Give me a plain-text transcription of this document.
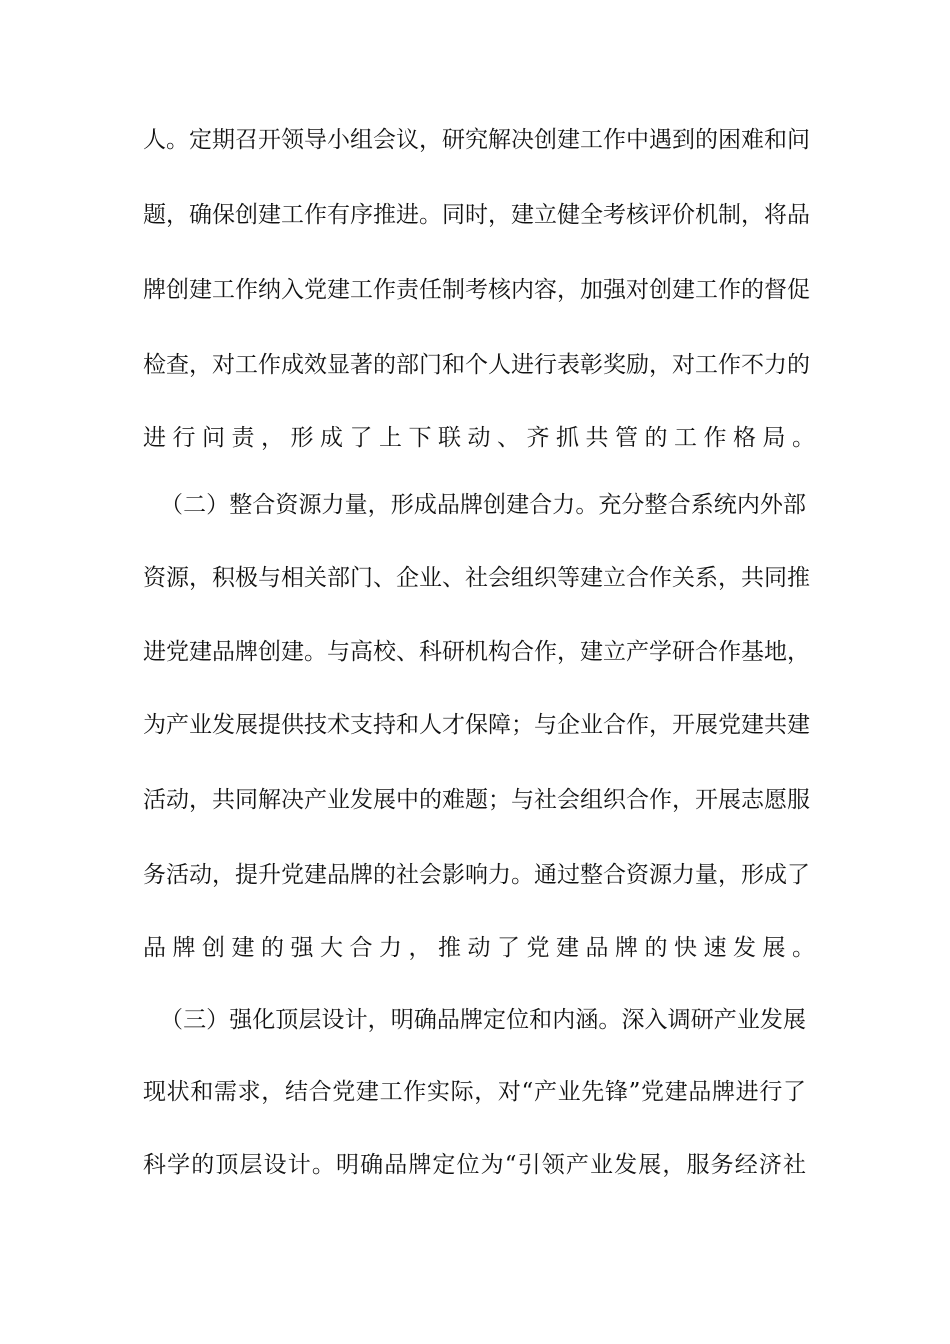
人。定期召开领导小组会议，研究解决创建工作中遇到的困难和问
题，确保创建工作有序推进。同时，建立健全考核评价机制，将品
牌创建工作纳入党建工作责任制考核内容，加强对创建工作的督促
检查，对工作成效显著的部门和个人进行表彰奖励，对工作不力的
进行问责，形成了上下联动、齐抓共管的工作格局。
（二）整合资源力量，形成品牌创建合力。充分整合系统内外部
资源，积极与相关部门、企业、社会组织等建立合作关系，共同推
进党建品牌创建。与高校、科研机构合作，建立产学研合作基地，
为产业发展提供技术支持和人才保障；与企业合作，开展党建共建
活动，共同解决产业发展中的难题；与社会组织合作，开展志愿服
务活动，提升党建品牌的社会影响力。通过整合资源力量，形成了
品牌创建的强大合力，推动了党建品牌的快速发展。
（三）强化顶层设计，明确品牌定位和内涵。深入调研产业发展
现状和需求，结合党建工作实际，对“产业先锋”党建品牌进行了
科学的顶层设计。明确品牌定位为“引领产业发展，服务经济社
